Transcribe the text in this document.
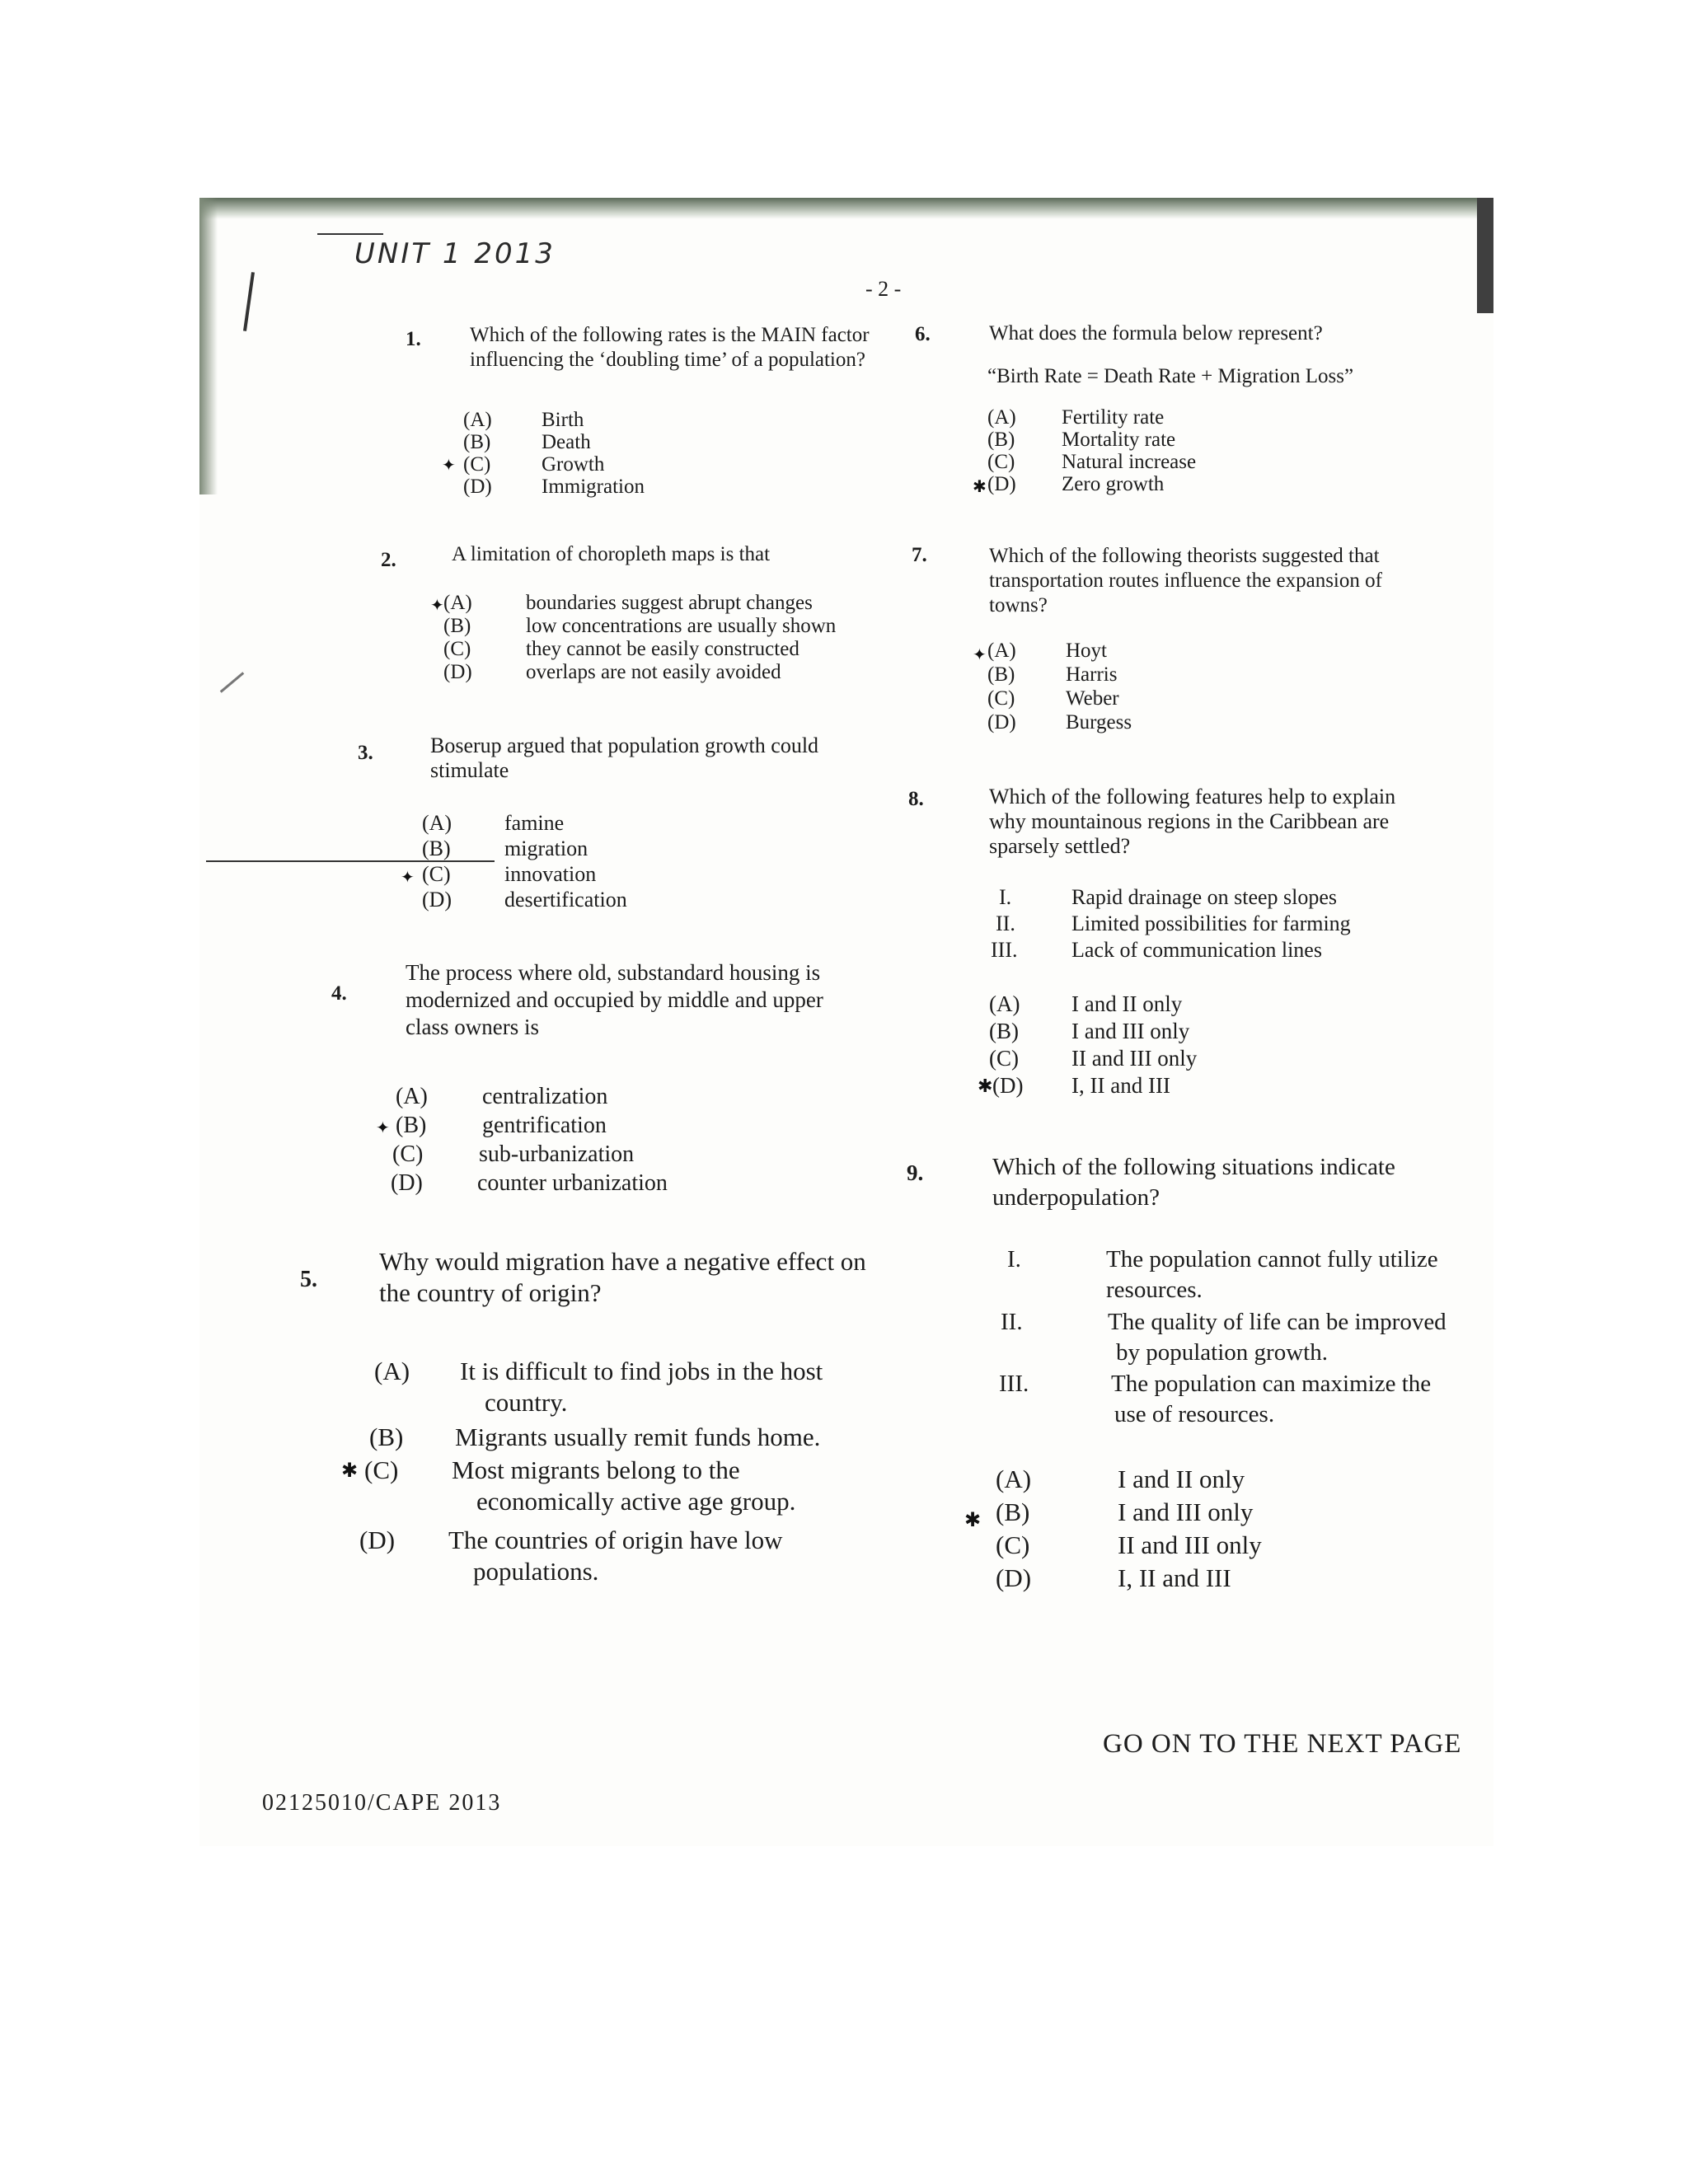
UNIT 1 2013
- 2 -
1. Which of the following rates is the MAIN factor influencing the ‘doubling time’ of a population?
✦
(A) Birth
(B) Death
(C) Growth
(D) Immigration
2.	A limitation of choropleth maps is that
✦ (A)	boundaries suggest abrupt changes
(B)	low concentrations are usually shown
(C)	they cannot be easily constructed
(D)	overlaps are not easily avoided
3.	Boserup argued that population growth could stimulate
✦
(A) famine
(B)	migration
(C)	innovation
(D) desertification
4.
The process where old, substandard housing is modernized and occupied by middle and upper class owners is
✦
(A) centralization
(B) gentrification
(C) sub-urbanization
(D) counter urbanization
5.
Why would migration have a negative effect on the country of origin?
✱
(A) It is difficult to find jobs in the host
country.
(B) Migrants usually remit funds home.
(C) Most migrants belong to the
economically active age group.
(D) The countries of origin have low
populations.
6.	What does the formula below represent?
“Birth Rate = Death Rate + Migration Loss”
✱
(A) Fertility rate
(B) Mortality rate
(C) Natural increase
(D) Zero growth
7.	Which of the following theorists suggested that transportation routes influence the expansion of towns?
✦ (A) Hoyt
(B) Harris
(C) Weber
(D) Burgess
8.	Which of the following features help to explain why mountainous regions in the Caribbean are sparsely settled?
I.	Rapid drainage on steep slopes
II.	Limited possibilities for farming
III.	Lack of communication lines
✱
(A) I and II only
(B) I and III only
(C) II and III only
(D) I, II and III
9.	Which of the following situations indicate underpopulation?
I.	The population cannot fully utilize
resources.
II.	The quality of life can be improved
by population growth.
III.	The population can maximize the
use of resources.
✱
(A)	I and II only
(B)	I and III only
(C)	II and III only
(D)	I, II and III
GO ON TO THE NEXT PAGE
02125010/CAPE 2013
